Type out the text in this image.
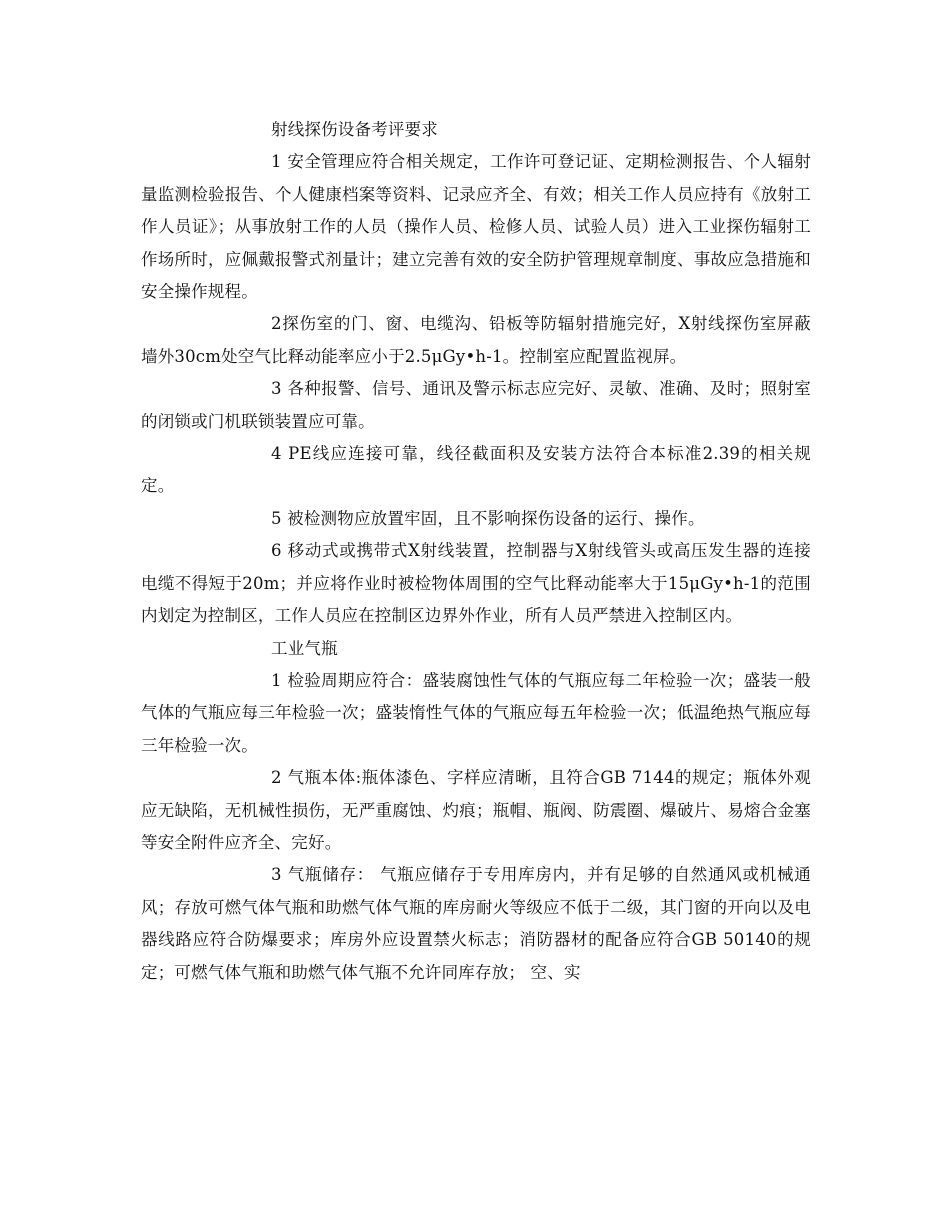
射线探伤设备考评要求

1 安全管理应符合相关规定，工作许可登记证、定期检测报告、个人辐射量监测检验报告、个人健康档案等资料、记录应齐全、有效；相关工作人员应持有《放射工作人员证》；从事放射工作的人员（操作人员、检修人员、试验人员）进入工业探伤辐射工作场所时，应佩戴报警式剂量计；建立完善有效的安全防护管理规章制度、事故应急措施和安全操作规程。

2探伤室的门、窗、电缆沟、铅板等防辐射措施完好，X射线探伤室屏蔽墙外30cm处空气比释动能率应小于2.5μGy•h-1。控制室应配置监视屏。

3 各种报警、信号、通讯及警示标志应完好、灵敏、准确、及时；照射室的闭锁或门机联锁装置应可靠。

4 PE线应连接可靠，线径截面积及安装方法符合本标准2.39的相关规定。

5 被检测物应放置牢固，且不影响探伤设备的运行、操作。

6 移动式或携带式X射线装置，控制器与X射线管头或高压发生器的连接电缆不得短于20m；并应将作业时被检物体周围的空气比释动能率大于15μGy•h-1的范围内划定为控制区，工作人员应在控制区边界外作业，所有人员严禁进入控制区内。

工业气瓶

1 检验周期应符合：盛装腐蚀性气体的气瓶应每二年检验一次；盛装一般气体的气瓶应每三年检验一次；盛装惰性气体的气瓶应每五年检验一次；低温绝热气瓶应每三年检验一次。

2 气瓶本体:瓶体漆色、字样应清晰，且符合GB 7144的规定；瓶体外观应无缺陷，无机械性损伤，无严重腐蚀、灼痕；瓶帽、瓶阀、防震圈、爆破片、易熔合金塞等安全附件应齐全、完好。

3 气瓶储存： 气瓶应储存于专用库房内，并有足够的自然通风或机械通风；存放可燃气体气瓶和助燃气体气瓶的库房耐火等级应不低于二级，其门窗的开向以及电器线路应符合防爆要求；库房外应设置禁火标志；消防器材的配备应符合GB 50140的规定；可燃气体气瓶和助燃气体气瓶不允许同库存放； 空、实
